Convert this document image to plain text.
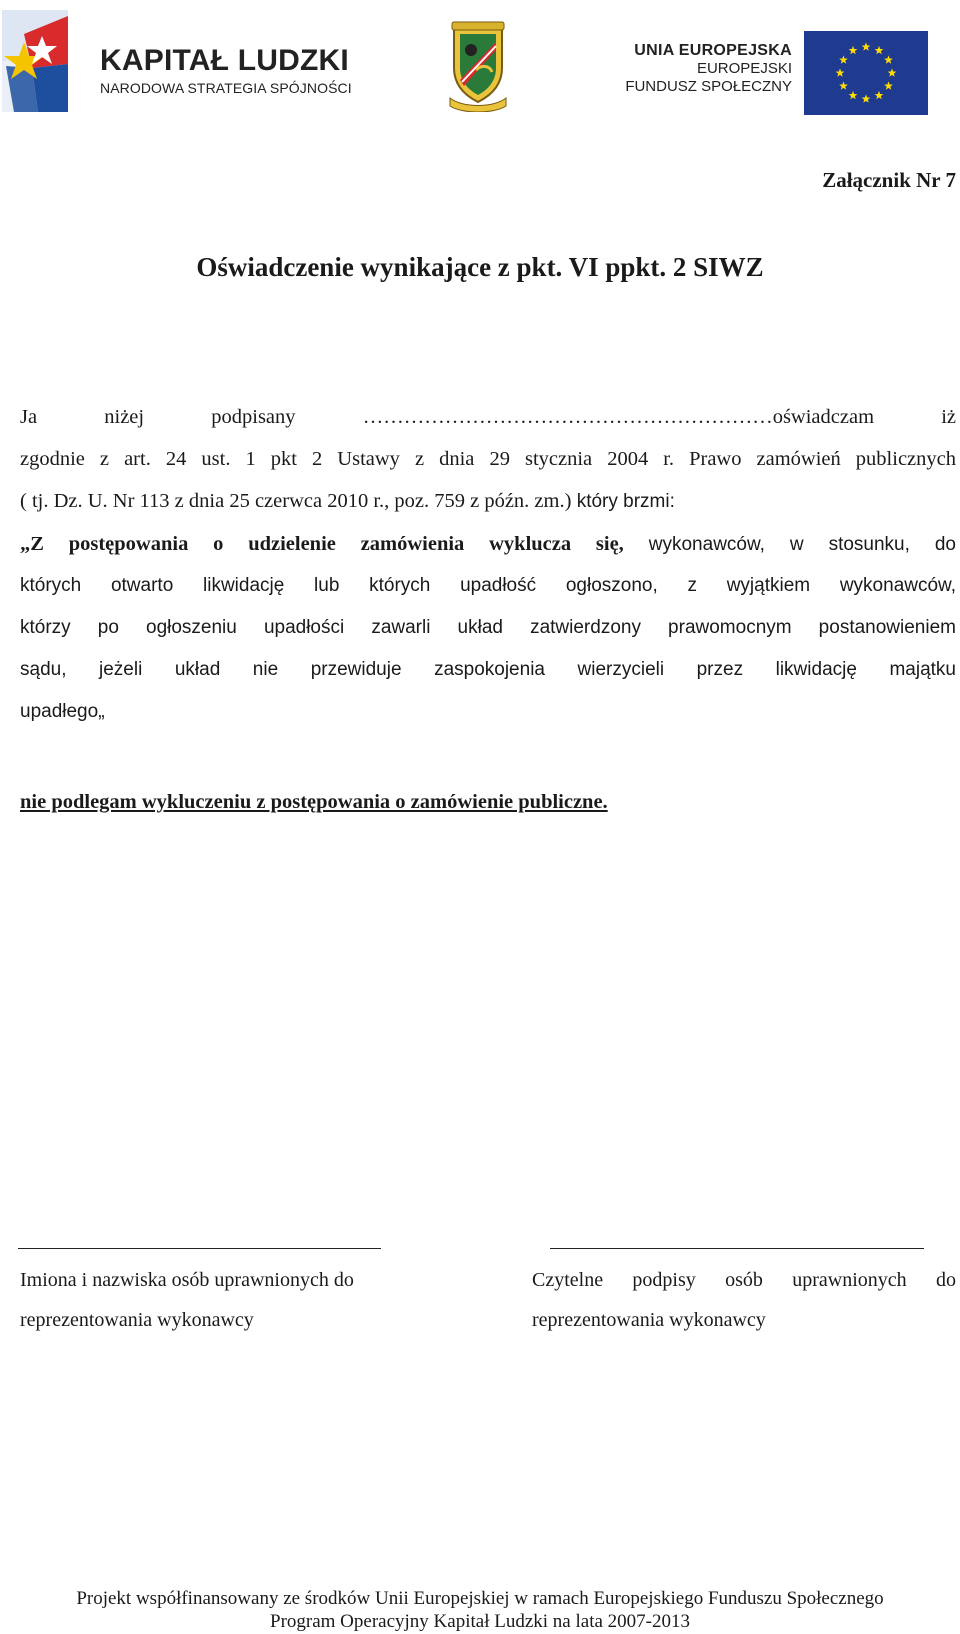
KAPITAŁ LUDZKI
NARODOWA STRATEGIA SPÓJNOŚCI
UNIA EUROPEJSKA
EUROPEJSKI
FUNDUSZ SPOŁECZNY
Załącznik Nr 7
Oświadczenie wynikające z pkt. VI ppkt. 2 SIWZ
Ja niżej podpisany ……………………………………………………oświadczam iż
zgodnie z art. 24 ust. 1 pkt 2 Ustawy z dnia 29 stycznia 2004 r. Prawo zamówień publicznych
( tj. Dz. U. Nr 113 z dnia 25 czerwca 2010 r., poz. 759 z późn. zm.) który brzmi:
„Z postępowania o udzielenie zamówienia wyklucza się, wykonawców, w stosunku, do
których otwarto likwidację lub których upadłość ogłoszono, z wyjątkiem wykonawców,
którzy po ogłoszeniu upadłości zawarli układ zatwierdzony prawomocnym postanowieniem
sądu, jeżeli układ nie przewiduje zaspokojenia wierzycieli przez likwidację majątku
upadłego„
nie podlegam wykluczeniu z postępowania o zamówienie publiczne.
Imiona i nazwiska osób uprawnionych do
reprezentowania wykonawcy
Czytelne podpisy osób uprawnionych do
reprezentowania wykonawcy
Projekt współfinansowany ze środków Unii Europejskiej w ramach Europejskiego Funduszu Społecznego
Program Operacyjny Kapitał Ludzki na lata 2007-2013
